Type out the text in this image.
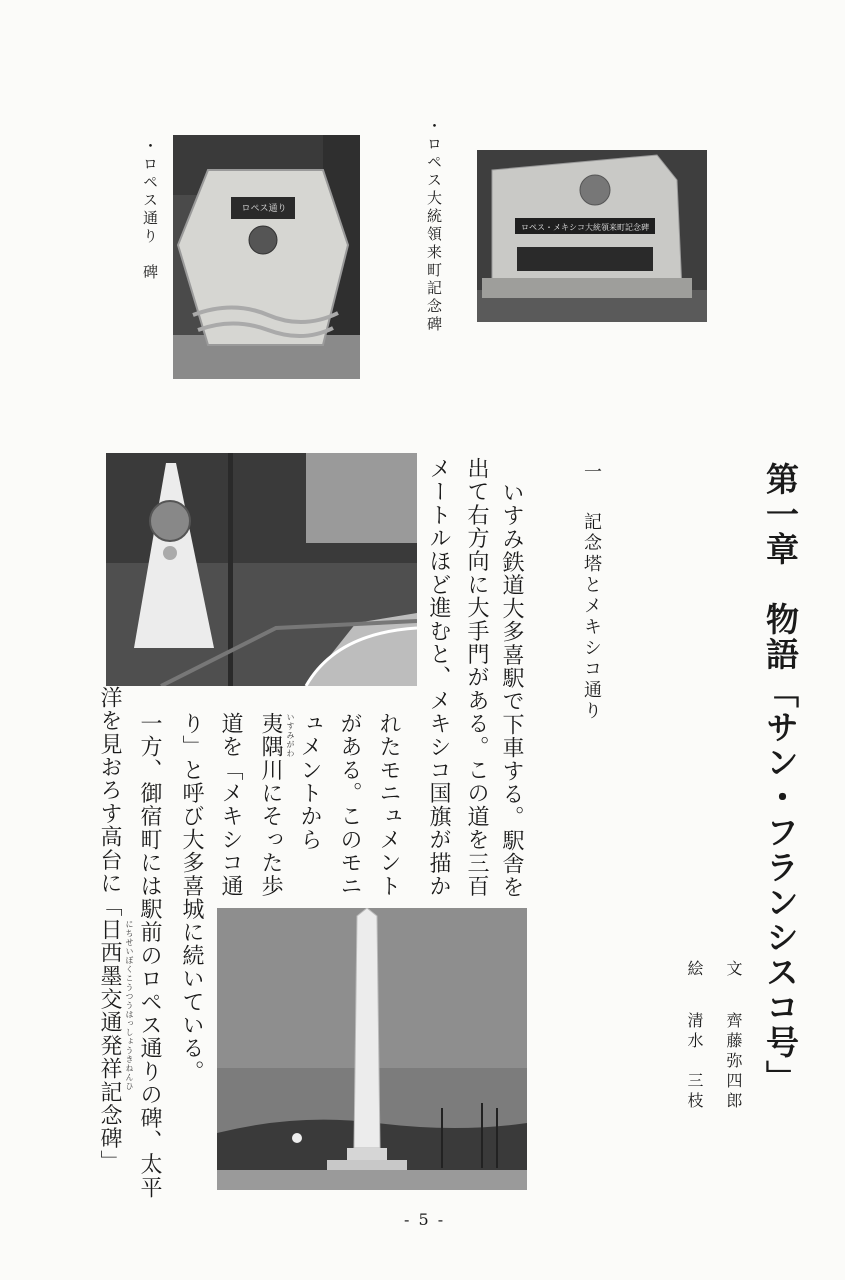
ロペス通り
・ロペス通り　碑	ロペス・メキシコ大統領来町記念碑
・ロペス大統領来町記念碑
第一章　物語
「サン・フランシスコ号」
文
齊藤弥四郎
絵
清水　三枝
一
記念塔とメキシコ通り
いすみ鉄道大多喜駅で下車する。駅舎を
出て右方向に大手門がある。この道を三百
メートルほど進むと、メキシコ国旗が描か
れたモニュメント
がある。このモニ
ュメントから
夷隅川にそった歩
道を「メキシコ通
り」と呼び大多喜城に続いている。
一方、御宿町には駅前のロペス通りの碑、太平
洋を見おろす高台に「日西墨交通発祥記念碑」	いすみがわ
にちせいぼくこうつうはっしょうきねんひ
- 5 -
